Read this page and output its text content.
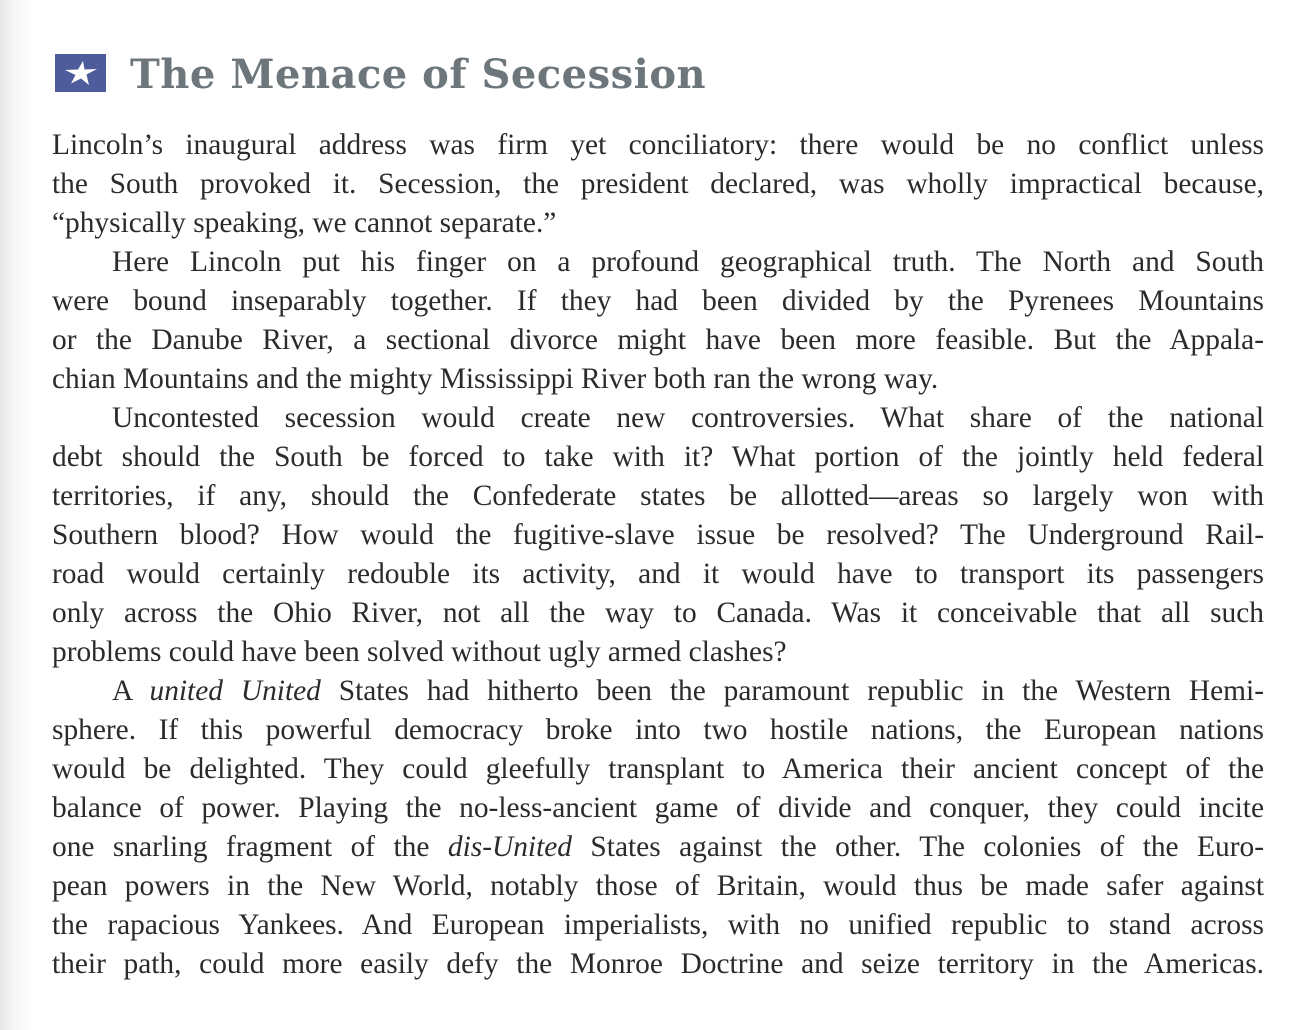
The Menace of Secession
Lincoln’s inaugural address was firm yet conciliatory: there would be no conflict unless
the South provoked it. Secession, the president declared, was wholly impractical because,
“physically speaking, we cannot separate.”
Here Lincoln put his finger on a profound geographical truth. The North and South
were bound inseparably together. If they had been divided by the Pyrenees Mountains
or the Danube River, a sectional divorce might have been more feasible. But the Appala-
chian Mountains and the mighty Mississippi River both ran the wrong way.
Uncontested secession would create new controversies. What share of the national
debt should the South be forced to take with it? What portion of the jointly held federal
territories, if any, should the Confederate states be allotted—areas so largely won with
Southern blood? How would the fugitive-slave issue be resolved? The Underground Rail-
road would certainly redouble its activity, and it would have to transport its passengers
only across the Ohio River, not all the way to Canada. Was it conceivable that all such
problems could have been solved without ugly armed clashes?
A united United States had hitherto been the paramount republic in the Western Hemi-
sphere. If this powerful democracy broke into two hostile nations, the European nations
would be delighted. They could gleefully transplant to America their ancient concept of the
balance of power. Playing the no-less-ancient game of divide and conquer, they could incite
one snarling fragment of the dis-United States against the other. The colonies of the Euro-
pean powers in the New World, notably those of Britain, would thus be made safer against
the rapacious Yankees. And European imperialists, with no unified republic to stand across
their path, could more easily defy the Monroe Doctrine and seize territory in the Americas.
